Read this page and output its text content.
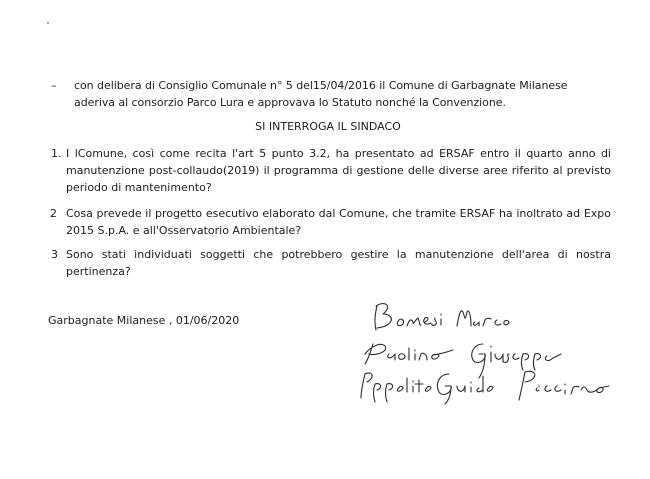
– con delibera di Consiglio Comunale n° 5 del15/04/2016 il Comune di Garbagnate Milanese aderiva al consorzio Parco Lura e approvava lo Statuto nonché la Convenzione.
SI INTERROGA IL SINDACO
1. I lComune, così come recita l'art 5 punto 3.2, ha presentato ad ERSAF entro il quarto anno di manutenzione post-collaudo(2019) il programma di gestione delle diverse aree riferito al previsto periodo di mantenimento?
2 Cosa prevede il progetto esecutivo elaborato dal Comune, che tramite ERSAF ha inoltrato ad Expo 2015 S.p.A. e all'Osservatorio Ambientale?
3 Sono stati individuati soggetti che potrebbero gestire la manutenzione dell'area di nostra pertinenza?
Garbagnate Milanese , 01/06/2020
